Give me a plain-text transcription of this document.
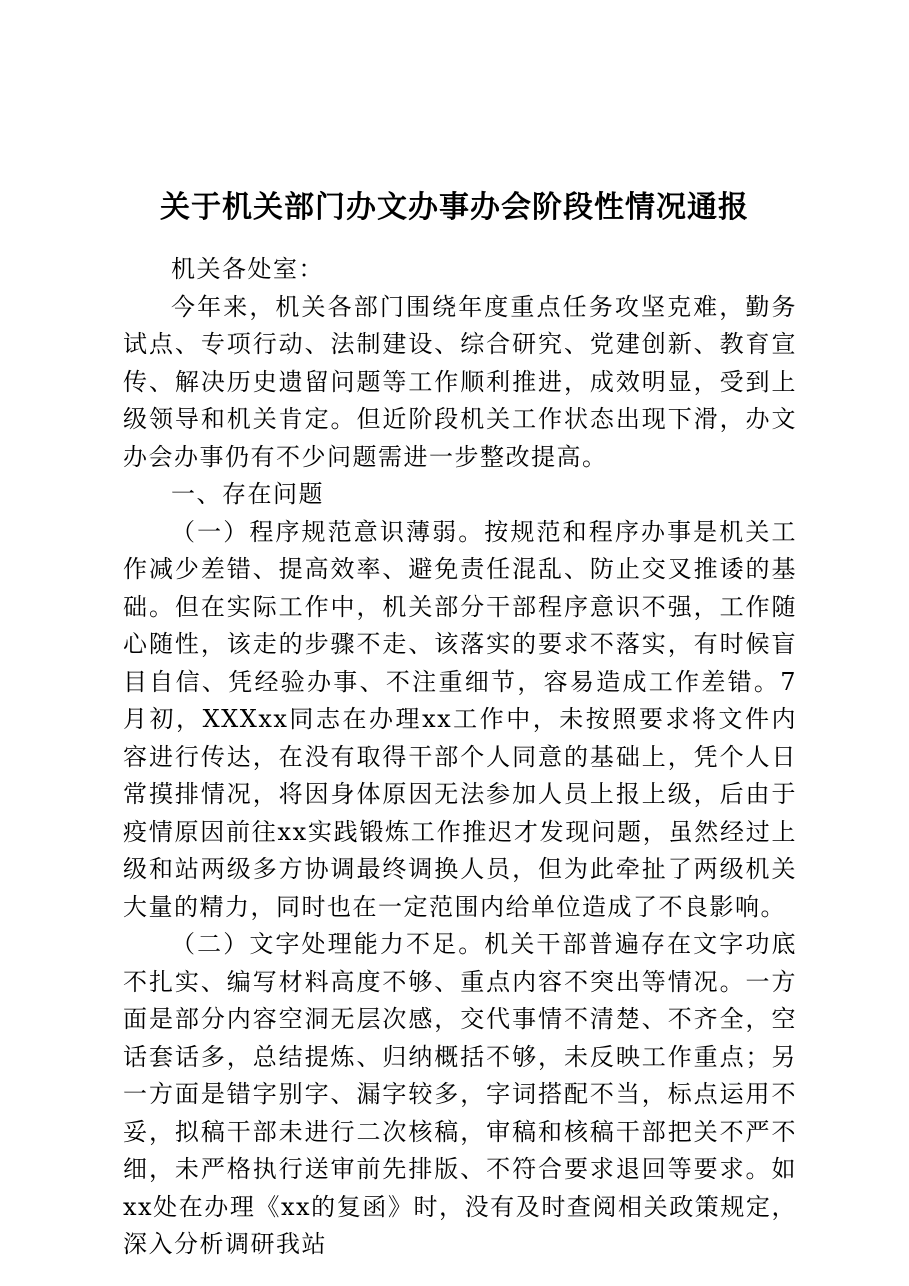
关于机关部门办文办事办会阶段性情况通报

机关各处室：

今年来，机关各部门围绕年度重点任务攻坚克难，勤务试点、专项行动、法制建设、综合研究、党建创新、教育宣传、解决历史遗留问题等工作顺利推进，成效明显，受到上级领导和机关肯定。但近阶段机关工作状态出现下滑，办文办会办事仍有不少问题需进一步整改提高。

一、存在问题

（一）程序规范意识薄弱。按规范和程序办事是机关工作减少差错、提高效率、避免责任混乱、防止交叉推诿的基础。但在实际工作中，机关部分干部程序意识不强，工作随心随性，该走的步骤不走、该落实的要求不落实，有时候盲目自信、凭经验办事、不注重细节，容易造成工作差错。7月初，XXXxx同志在办理xx工作中，未按照要求将文件内容进行传达，在没有取得干部个人同意的基础上，凭个人日常摸排情况，将因身体原因无法参加人员上报上级，后由于疫情原因前往xx实践锻炼工作推迟才发现问题，虽然经过上级和站两级多方协调最终调换人员，但为此牵扯了两级机关大量的精力，同时也在一定范围内给单位造成了不良影响。

（二）文字处理能力不足。机关干部普遍存在文字功底不扎实、编写材料高度不够、重点内容不突出等情况。一方面是部分内容空洞无层次感，交代事情不清楚、不齐全，空话套话多，总结提炼、归纳概括不够，未反映工作重点；另一方面是错字别字、漏字较多，字词搭配不当，标点运用不妥，拟稿干部未进行二次核稿，审稿和核稿干部把关不严不细，未严格执行送审前先排版、不符合要求退回等要求。如xx处在办理《xx的复函》时，没有及时查阅相关政策规定，深入分析调研我站
